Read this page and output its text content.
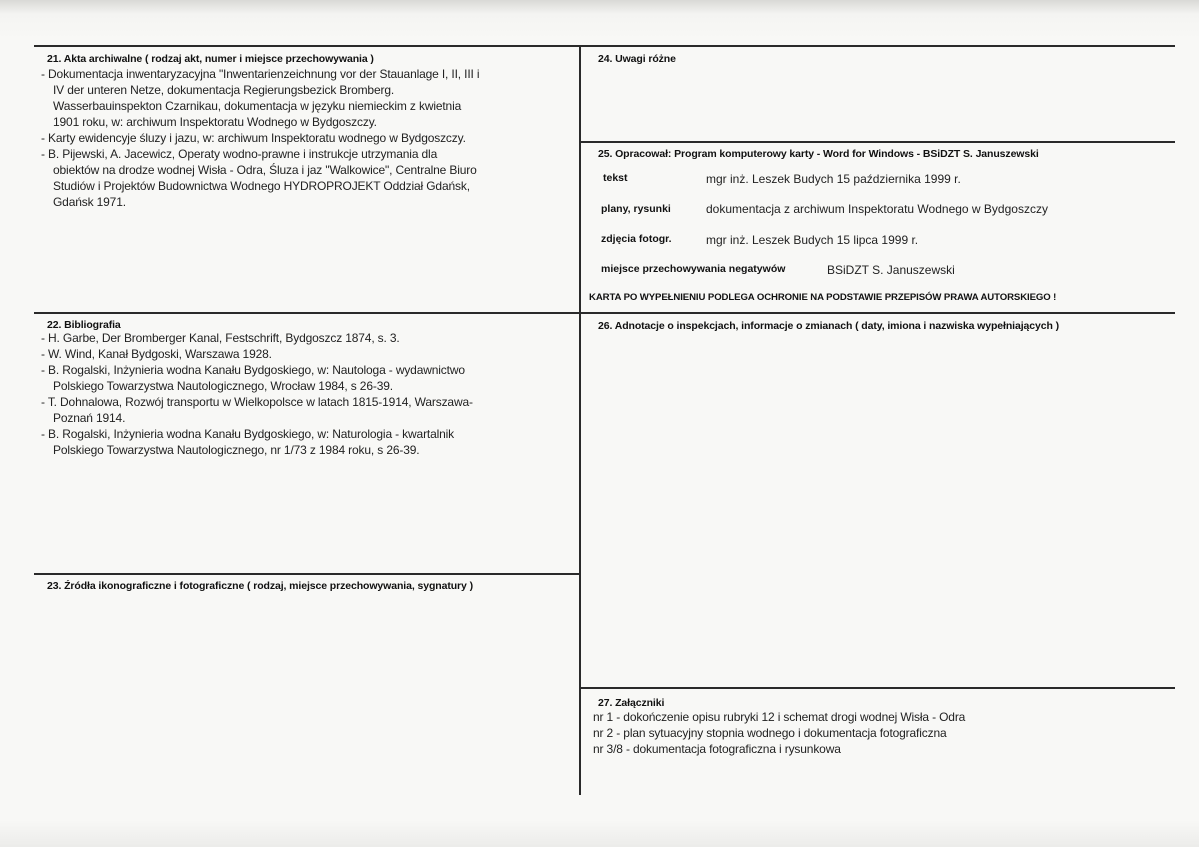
21. Akta archiwalne ( rodzaj akt, numer i miejsce przechowywania )
- Dokumentacja inwentaryzacyjna "Inwentarienzeichnung vor der Stauanlage I, II, III i
IV der unteren Netze, dokumentacja Regierungsbezick Bromberg.
Wasserbauinspekton Czarnikau, dokumentacja w języku niemieckim z kwietnia
1901 roku, w: archiwum Inspektoratu Wodnego w Bydgoszczy.
- Karty ewidencyje śluzy i jazu, w: archiwum Inspektoratu wodnego w Bydgoszczy.
- B. Pijewski, A. Jacewicz, Operaty wodno-prawne i instrukcje utrzymania dla
obiektów na drodze wodnej Wisła - Odra, Śluza i jaz "Walkowice", Centralne Biuro
Studiów i Projektów Budownictwa Wodnego HYDROPROJEKT Oddział Gdańsk,
Gdańsk 1971.
22. Bibliografia
- H. Garbe, Der Bromberger Kanal, Festschrift, Bydgoszcz 1874, s. 3.
- W. Wind, Kanał Bydgoski, Warszawa 1928.
- B. Rogalski, Inżynieria wodna Kanału Bydgoskiego, w: Nautologa - wydawnictwo
Polskiego Towarzystwa Nautologicznego, Wrocław 1984, s 26-39.
- T. Dohnalowa, Rozwój transportu w Wielkopolsce w latach 1815-1914, Warszawa-
Poznań 1914.
- B. Rogalski, Inżynieria wodna Kanału Bydgoskiego, w: Naturologia - kwartalnik
Polskiego Towarzystwa Nautologicznego, nr 1/73 z 1984 roku, s 26-39.
23. Źródła ikonograficzne i fotograficzne ( rodzaj, miejsce przechowywania, sygnatury )
24. Uwagi różne
25. Opracował: Program komputerowy karty - Word for Windows - BSiDZT S. Januszewski
tekst	mgr inż. Leszek Budych 15 października 1999 r.
plany, rysunki	dokumentacja z archiwum Inspektoratu Wodnego w Bydgoszczy
zdjęcia fotogr.	mgr inż. Leszek Budych 15 lipca 1999 r.
miejsce przechowywania negatywów	BSiDZT S. Januszewski
KARTA PO WYPEŁNIENIU PODLEGA OCHRONIE NA PODSTAWIE PRZEPISÓW PRAWA AUTORSKIEGO !
26. Adnotacje o inspekcjach, informacje o zmianach ( daty, imiona i nazwiska wypełniających )
27. Załączniki
nr 1 - dokończenie opisu rubryki 12 i schemat drogi wodnej Wisła - Odra
nr 2 - plan sytuacyjny stopnia wodnego i dokumentacja fotograficzna
nr 3/8 - dokumentacja fotograficzna i rysunkowa
